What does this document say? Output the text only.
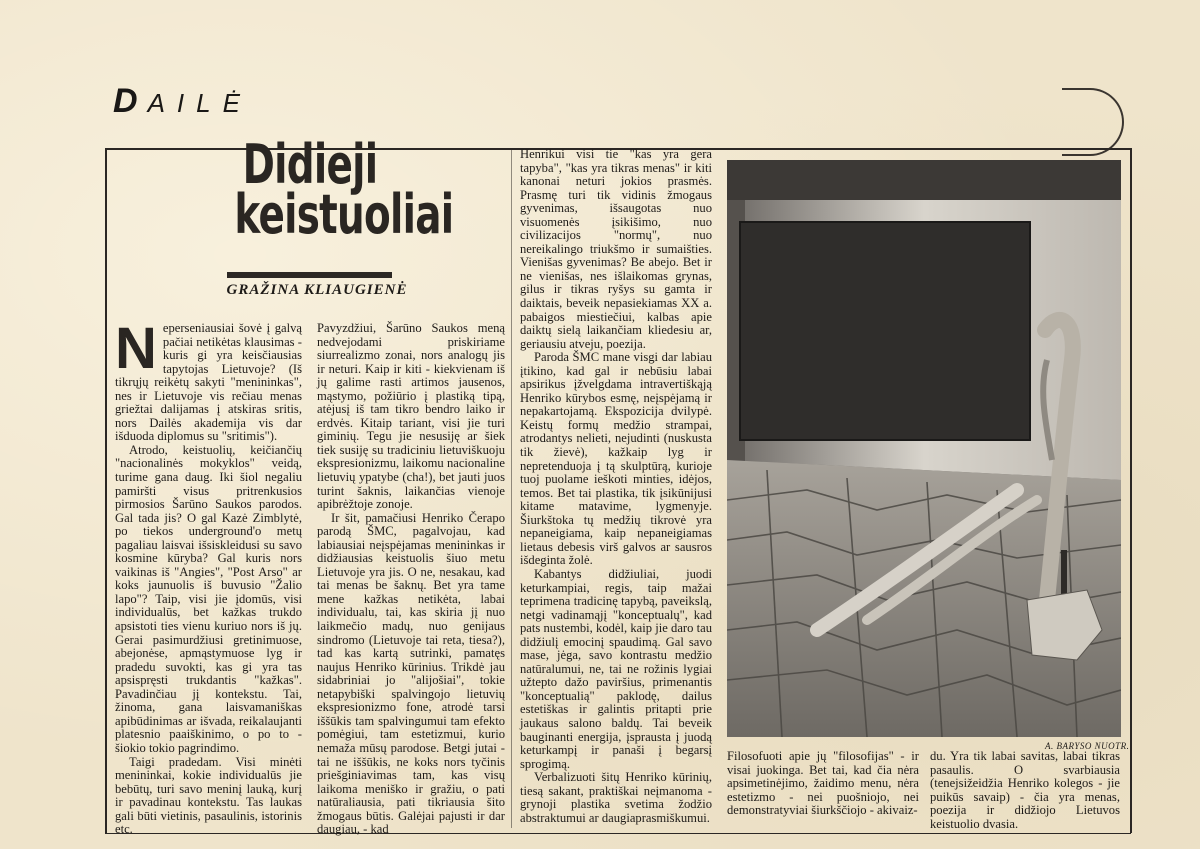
DAILĖ
Didieji
keistuoliai
GRAŽINA KLIAUGIENĖ

Neperseniausiai šovė į galvą pačiai netikėtas klausimas - kuris gi yra keisčiausias tapytojas Lietuvoje? (Iš tikrųjų reikėtų sakyti "menininkas", nes ir Lietuvoje vis rečiau menas griežtai dalijamas į atskiras sritis, nors Dailės akademija vis dar išduoda diplomus su "sritimis").

Atrodo, keistuolių, keičiančių "nacionalinės mokyklos" veidą, turime gana daug. Iki šiol negaliu pamiršti visus pritrenkusios pirmosios Šarūno Saukos parodos. Gal tada jis? O gal Kazė Zimblytė, po tiekos underground'o metų pagaliau laisvai išsiskleidusi su savo kosmine kūryba? Gal kuris nors vaikinas iš "Angies", "Post Arso" ar koks jaunuolis iš buvusio "Žalio lapo"? Taip, visi jie įdomūs, visi individualūs, bet kažkas trukdo apsistoti ties vienu kuriuo nors iš jų. Gerai pasimurdžiusi gretinimuose, abejonėse, apmąstymuose lyg ir pradedu suvokti, kas gi yra tas apsispręsti trukdantis "kažkas". Pavadinčiau jį kontekstu. Tai, žinoma, gana laisvamaniškas apibūdinimas ar išvada, reikalaujanti platesnio paaiškinimo, o po to - šiokio tokio pagrindimo.

Taigi pradedam. Visi minėti menininkai, kokie individualūs jie bebūtų, turi savo meninį lauką, kurį ir pavadinau kontekstu. Tas laukas gali būti vietinis, pasaulinis, istorinis etc.

Pavyzdžiui, Šarūno Saukos meną nedvejodami priskiriame siurrealizmo zonai, nors analogų jis ir neturi. Kaip ir kiti - kiekvienam iš jų galime rasti artimos jausenos, mąstymo, požiūrio į plastiką tipą, atėjusį iš tam tikro bendro laiko ir erdvės. Kitaip tariant, visi jie turi giminių. Tegu jie nesusiję ar šiek tiek susiję su tradiciniu lietuviškuoju ekspresionizmu, laikomu nacionaline lietuvių ypatybe (cha!), bet jauti juos turint šaknis, laikančias vienoje apibrėžtoje zonoje.

Ir šit, pamačiusi Henriko Čerapo parodą ŠMC, pagalvojau, kad labiausiai neįspėjamas menininkas ir didžiausias keistuolis šiuo metu Lietuvoje yra jis. O ne, nesakau, kad tai menas be šaknų. Bet yra tame mene kažkas netikėta, labai individualu, tai, kas skiria jį nuo laikmečio madų, nuo genijaus sindromo (Lietuvoje tai reta, tiesa?), tad kas kartą sutrinki, pamatęs naujus Henriko kūrinius. Trikdė jau sidabriniai jo "alijošiai", tokie netapybiški spalvingojo lietuvių ekspresionizmo fone, atrodė tarsi iššūkis tam spalvingumui tam efekto pomėgiui, tam estetizmui, kurio nemaža mūsų parodose. Betgi jutai - tai ne iššūkis, ne koks nors tyčinis priešginiavimas tam, kas visų laikoma meniško ir gražiu, o pati natūraliausia, pati tikriausia šito žmogaus būtis. Galėjai pajusti ir dar daugiau, - kad

Henrikui visi tie "kas yra gera tapyba", "kas yra tikras menas" ir kiti kanonai neturi jokios prasmės. Prasmę turi tik vidinis žmogaus gyvenimas, išsaugotas nuo visuomenės įsikišimo, nuo civilizacijos "normų", nuo nereikalingo triukšmo ir sumaišties. Vienišas gyvenimas? Be abejo. Bet ir ne vienišas, nes išlaikomas grynas, gilus ir tikras ryšys su gamta ir daiktais, beveik nepasiekiamas XX a. pabaigos miestiečiui, kalbas apie daiktų sielą laikančiam kliedesiu ar, geriausiu atveju, poezija.

Paroda ŠMC mane visgi dar labiau įtikino, kad gal ir nebūsiu labai apsirikus įžvelgdama intravertiškąją Henriko kūrybos esmę, neįspėjamą ir nepakartojamą. Ekspozicija dvilypė. Keistų formų medžio strampai, atrodantys nelieti, nejudinti (nuskusta tik žievė), kažkaip lyg ir nepretenduoja į tą skulptūrą, kurioje tuoj puolame ieškoti minties, idėjos, temos. Bet tai plastika, tik įsikūnijusi kitame matavime, lygmenyje. Šiurkštoka tų medžių tikrovė yra nepaneigiama, kaip nepaneigiamas lietaus debesis virš galvos ar sausros išdeginta žolė.

Kabantys didžiuliai, juodi keturkampiai, regis, taip mažai teprimena tradicinę tapybą, paveikslą, netgi vadinamąjį "konceptualų", kad pats nustembi, kodėl, kaip jie daro tau didžiulį emocinį spaudimą. Gal savo mase, jėga, savo kontrastu medžio natūralumui, ne, tai ne rožinis lygiai užtepto dažo paviršius, primenantis "konceptualią" paklodę, dailus estetiškas ir galintis pritapti prie jaukaus salono baldų. Tai beveik bauginanti energija, įsprausta į juodą keturkampį ir panaši į begarsį sprogimą.

Verbalizuoti šitų Henriko kūrinių, tiesą sakant, praktiškai neįmanoma - grynoji plastika svetima žodžio abstraktumui ar daugiaprasmiškumui.

A. BARYSO NUOTR.
Filosofuoti apie jų "filosofijas" - ir visai juokinga. Bet tai, kad čia nėra apsimetinėjimo, žaidimo menu, nėra estetizmo - nei puošniojo, nei demonstratyviai šiurkščiojo - akivaiz-
du. Yra tik labai savitas, labai tikras pasaulis. O svarbiausia (tenejsižeidžia Henriko kolegos - jie puikūs savaip) - čia yra menas, poezija ir didžiojo Lietuvos keistuolio dvasia.
